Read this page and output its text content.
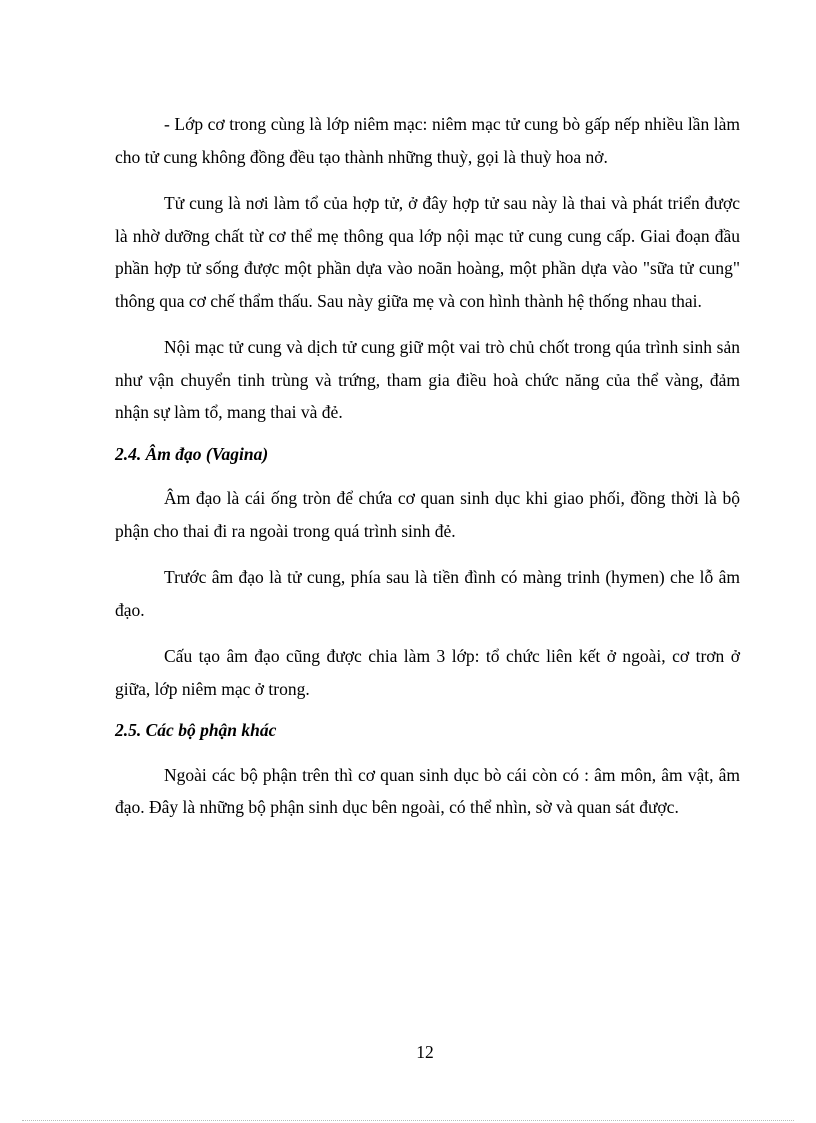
- Lớp cơ trong cùng là lớp niêm mạc: niêm mạc tử cung bò gấp nếp nhiều lần làm cho tử cung không đồng đều tạo thành những thuỳ, gọi là thuỳ hoa nở.

Tử cung là nơi làm tổ của hợp tử, ở đây hợp tử sau này là thai và phát triển được là nhờ dưỡng chất từ cơ thể mẹ thông qua lớp nội mạc tử cung cung cấp. Giai đoạn đầu phần hợp tử sống được một phần dựa vào noãn hoàng, một phần dựa vào "sữa tử cung" thông qua cơ chế thẩm thấu. Sau này giữa mẹ và con hình thành hệ thống nhau thai.

Nội mạc tử cung và dịch tử cung giữ một vai trò chủ chốt trong qúa trình sinh sản như vận chuyển tinh trùng và trứng, tham gia điều hoà chức năng của thể vàng, đảm nhận sự làm tổ, mang thai và đẻ.

2.4. Âm đạo (Vagina)

Âm đạo là cái ống tròn để chứa cơ quan sinh dục khi giao phối, đồng thời là bộ phận cho thai đi ra ngoài trong quá trình sinh đẻ.

Trước âm đạo là tử cung, phía sau là tiền đình có màng trinh (hymen) che lỗ âm đạo.

Cấu tạo âm đạo cũng được chia làm 3 lớp: tổ chức liên kết ở ngoài, cơ trơn ở giữa, lớp niêm mạc ở trong.

2.5. Các bộ phận khác

Ngoài các bộ phận trên thì cơ quan sinh dục bò cái còn có : âm môn, âm vật, âm đạo. Đây là những bộ phận sinh dục bên ngoài, có thể nhìn, sờ và quan sát được.

12
